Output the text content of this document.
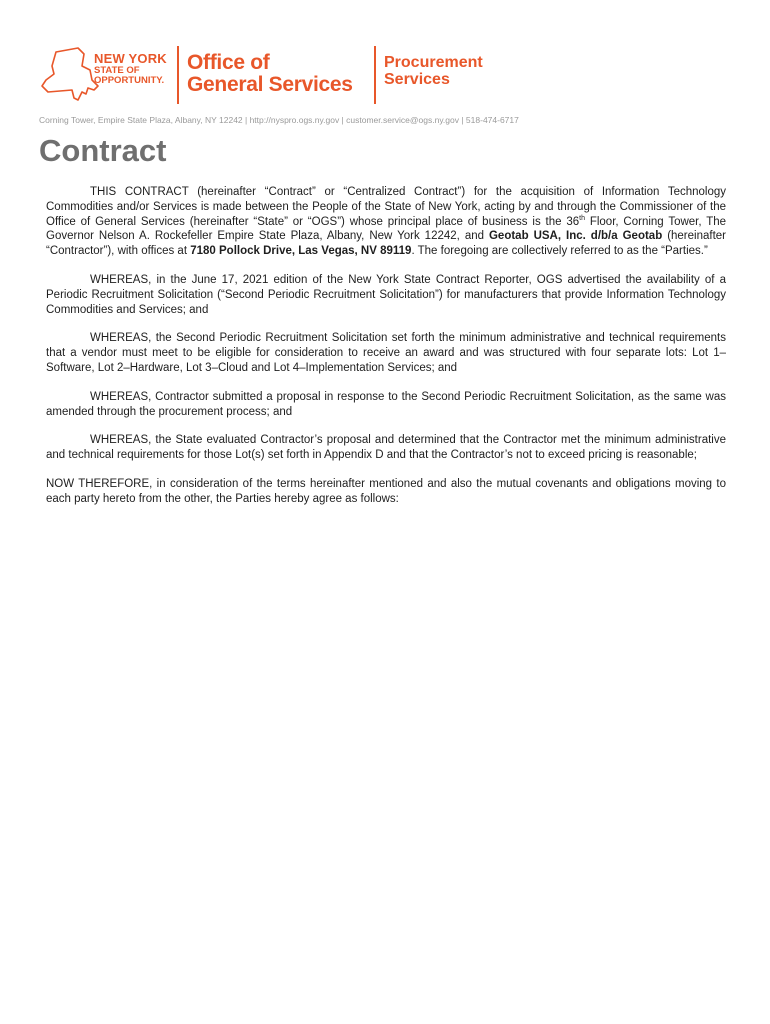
NEW YORK
STATE OF
OPPORTUNITY.
Office of
General Services
Procurement
Services
Corning Tower, Empire State Plaza, Albany, NY 12242 | http://nyspro.ogs.ny.gov | customer.service@ogs.ny.gov | 518-474-6717
Contract

THIS CONTRACT (hereinafter “Contract” or “Centralized Contract”) for the acquisition of Information Technology Commodities and/or Services is made between the People of the State of New York, acting by and through the Commissioner of the Office of General Services (hereinafter “State” or “OGS”) whose principal place of business is the 36th Floor, Corning Tower, The Governor Nelson A. Rockefeller Empire State Plaza, Albany, New York 12242, and Geotab USA, Inc. d/b/a Geotab (hereinafter “Contractor”), with offices at 7180 Pollock Drive, Las Vegas, NV 89119. The foregoing are collectively referred to as the “Parties.”

WHEREAS, in the June 17, 2021 edition of the New York State Contract Reporter, OGS advertised the availability of a Periodic Recruitment Solicitation (“Second Periodic Recruitment Solicitation”) for manufacturers that provide Information Technology Commodities and Services; and

WHEREAS, the Second Periodic Recruitment Solicitation set forth the minimum administrative and technical requirements that a vendor must meet to be eligible for consideration to receive an award and was structured with four separate lots: Lot 1–Software, Lot 2–Hardware, Lot 3–Cloud and Lot 4–Implementation Services; and

WHEREAS, Contractor submitted a proposal in response to the Second Periodic Recruitment Solicitation, as the same was amended through the procurement process; and

WHEREAS, the State evaluated Contractor’s proposal and determined that the Contractor met the minimum administrative and technical requirements for those Lot(s) set forth in Appendix D and that the Contractor’s not to exceed pricing is reasonable;

NOW THEREFORE, in consideration of the terms hereinafter mentioned and also the mutual covenants and obligations moving to each party hereto from the other, the Parties hereby agree as follows:
